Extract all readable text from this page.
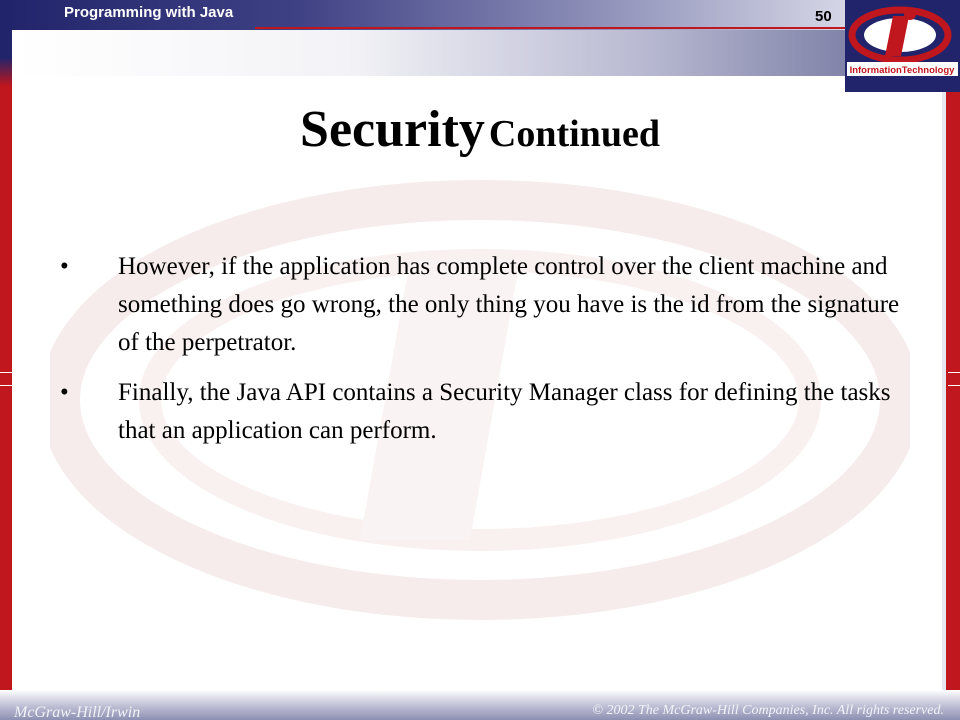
Programming with Java	50
InformationTechnology
Security Continued
• However, if the application has complete control over the client machine and something does go wrong, the only thing you have is the id from the signature of the perpetrator.
• Finally, the Java API contains a Security Manager class for defining the tasks that an application can perform.
McGraw-Hill/Irwin	© 2002 The McGraw-Hill Companies, Inc. All rights reserved.
